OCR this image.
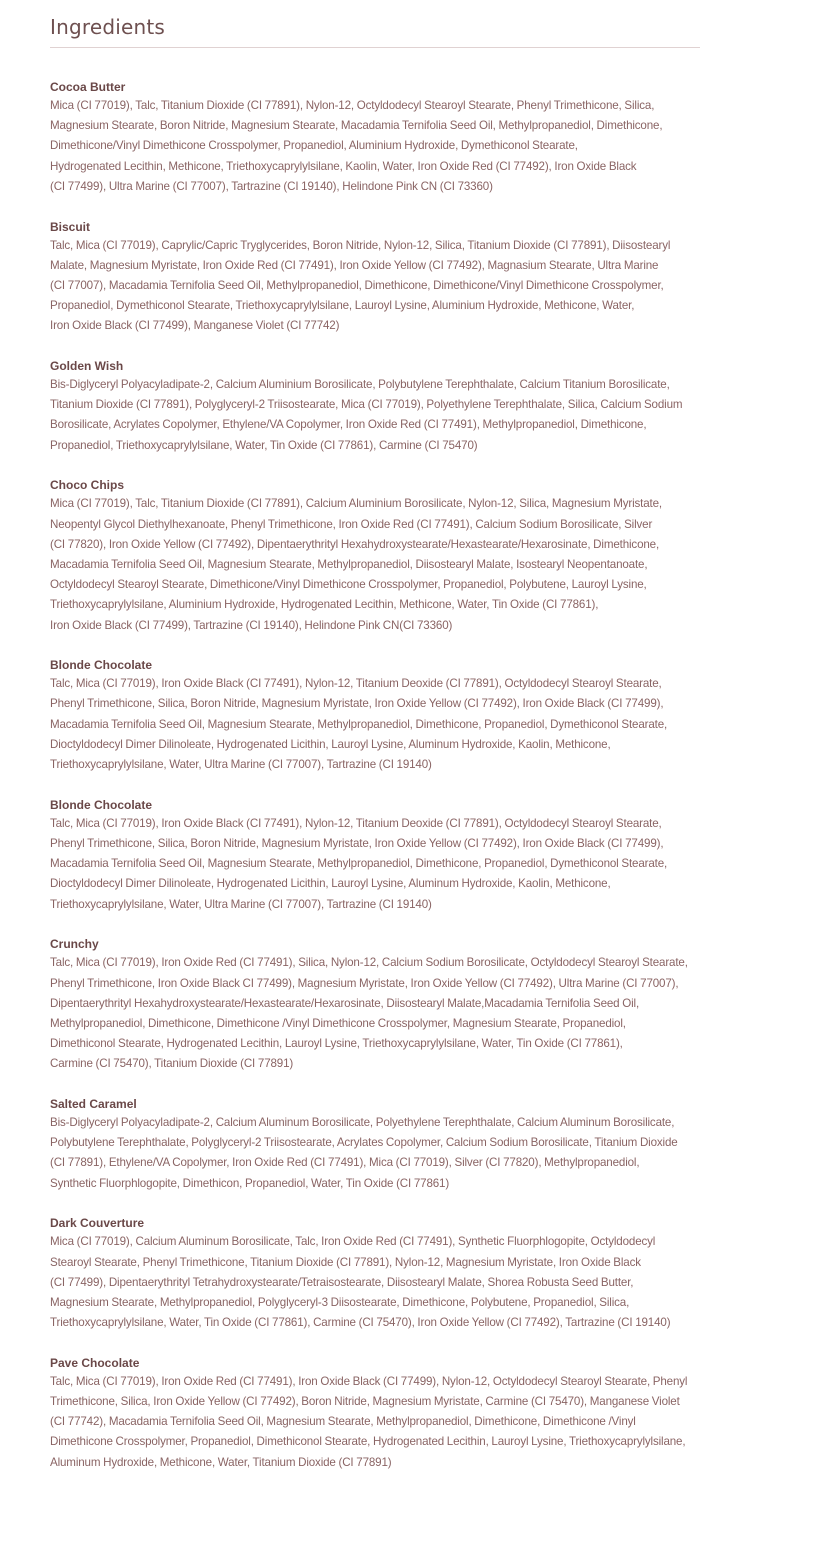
Ingredients

Cocoa Butter

Mica (CI 77019), Talc, Titanium Dioxide (CI 77891), Nylon-12, Octyldodecyl Stearoyl Stearate, Phenyl Trimethicone, Silica,
Magnesium Stearate, Boron Nitride, Magnesium Stearate, Macadamia Ternifolia Seed Oil, Methylpropanediol, Dimethicone,
Dimethicone/Vinyl Dimethicone Crosspolymer, Propanediol, Aluminium Hydroxide, Dymethiconol Stearate,
Hydrogenated Lecithin, Methicone, Triethoxycaprylylsilane, Kaolin, Water, Iron Oxide Red (CI 77492), Iron Oxide Black
(CI 77499), Ultra Marine (CI 77007), Tartrazine (CI 19140), Helindone Pink CN (CI 73360)

Biscuit

Talc, Mica (CI 77019), Caprylic/Capric Tryglycerides, Boron Nitride, Nylon-12, Silica, Titanium Dioxide (CI 77891), Diisostearyl
Malate, Magnesium Myristate, Iron Oxide Red (CI 77491), Iron Oxide Yellow (CI 77492), Magnasium Stearate, Ultra Marine
(CI 77007), Macadamia Ternifolia Seed Oil, Methylpropanediol, Dimethicone, Dimethicone/Vinyl Dimethicone Crosspolymer,
Propanediol, Dymethiconol Stearate, Triethoxycaprylylsilane, Lauroyl Lysine, Aluminium Hydroxide, Methicone, Water,
Iron Oxide Black (CI 77499), Manganese Violet (CI 77742)

Golden Wish

Bis-Diglyceryl Polyacyladipate-2, Calcium Aluminium Borosilicate, Polybutylene Terephthalate, Calcium Titanium Borosilicate,
Titanium Dioxide (CI 77891), Polyglyceryl-2 Triisostearate, Mica (CI 77019), Polyethylene Terephthalate, Silica, Calcium Sodium
Borosilicate, Acrylates Copolymer, Ethylene/VA Copolymer, Iron Oxide Red (CI 77491), Methylpropanediol, Dimethicone,
Propanediol, Triethoxycaprylylsilane, Water, Tin Oxide (CI 77861), Carmine (CI 75470)

Choco Chips

Mica (CI 77019), Talc, Titanium Dioxide (CI 77891), Calcium Aluminium Borosilicate, Nylon-12, Silica, Magnesium Myristate,
Neopentyl Glycol Diethylhexanoate, Phenyl Trimethicone, Iron Oxide Red (CI 77491), Calcium Sodium Borosilicate, Silver
(CI 77820), Iron Oxide Yellow (CI 77492), Dipentaerythrityl Hexahydroxystearate/Hexastearate/Hexarosinate, Dimethicone,
Macadamia Ternifolia Seed Oil, Magnesium Stearate, Methylpropanediol, Diisostearyl Malate, Isostearyl Neopentanoate,
Octyldodecyl Stearoyl Stearate, Dimethicone/Vinyl Dimethicone Crosspolymer, Propanediol, Polybutene, Lauroyl Lysine,
Triethoxycaprylylsilane, Aluminium Hydroxide, Hydrogenated Lecithin, Methicone, Water, Tin Oxide (CI 77861),
Iron Oxide Black (CI 77499), Tartrazine (CI 19140), Helindone Pink CN(CI 73360)

Blonde Chocolate

Talc, Mica (CI 77019), Iron Oxide Black (CI 77491), Nylon-12, Titanium Deoxide (CI 77891), Octyldodecyl Stearoyl Stearate,
Phenyl Trimethicone, Silica, Boron Nitride, Magnesium Myristate, Iron Oxide Yellow (CI 77492), Iron Oxide Black (CI 77499),
Macadamia Ternifolia Seed Oil, Magnesium Stearate, Methylpropanediol, Dimethicone, Propanediol, Dymethiconol Stearate,
Dioctyldodecyl Dimer Dilinoleate, Hydrogenated Licithin, Lauroyl Lysine, Aluminum Hydroxide, Kaolin, Methicone,
Triethoxycaprylylsilane, Water, Ultra Marine (CI 77007), Tartrazine (CI 19140)

Blonde Chocolate

Talc, Mica (CI 77019), Iron Oxide Black (CI 77491), Nylon-12, Titanium Deoxide (CI 77891), Octyldodecyl Stearoyl Stearate,
Phenyl Trimethicone, Silica, Boron Nitride, Magnesium Myristate, Iron Oxide Yellow (CI 77492), Iron Oxide Black (CI 77499),
Macadamia Ternifolia Seed Oil, Magnesium Stearate, Methylpropanediol, Dimethicone, Propanediol, Dymethiconol Stearate,
Dioctyldodecyl Dimer Dilinoleate, Hydrogenated Licithin, Lauroyl Lysine, Aluminum Hydroxide, Kaolin, Methicone,
Triethoxycaprylylsilane, Water, Ultra Marine (CI 77007), Tartrazine (CI 19140)

Crunchy

Talc, Mica (CI 77019), Iron Oxide Red (CI 77491), Silica, Nylon-12, Calcium Sodium Borosilicate, Octyldodecyl Stearoyl Stearate,
Phenyl Trimethicone, Iron Oxide Black CI 77499), Magnesium Myristate, Iron Oxide Yellow (CI 77492), Ultra Marine (CI 77007),
Dipentaerythrityl Hexahydroxystearate/Hexastearate/Hexarosinate, Diisostearyl Malate,Macadamia Ternifolia Seed Oil,
Methylpropanediol, Dimethicone, Dimethicone /Vinyl Dimethicone Crosspolymer, Magnesium Stearate, Propanediol,
Dimethiconol Stearate, Hydrogenated Lecithin, Lauroyl Lysine, Triethoxycaprylylsilane, Water, Tin Oxide (CI 77861),
Carmine (CI 75470), Titanium Dioxide (CI 77891)

Salted Caramel

Bis-Diglyceryl Polyacyladipate-2, Calcium Aluminum Borosilicate, Polyethylene Terephthalate, Calcium Aluminum Borosilicate,
Polybutylene Terephthalate, Polyglyceryl-2 Triisostearate, Acrylates Copolymer, Calcium Sodium Borosilicate, Titanium Dioxide
(CI 77891), Ethylene/VA Copolymer, Iron Oxide Red (CI 77491), Mica (CI 77019), Silver (CI 77820), Methylpropanediol,
Synthetic Fluorphlogopite, Dimethicon, Propanediol, Water, Tin Oxide (CI 77861)

Dark Couverture

Mica (CI 77019), Calcium Aluminum Borosilicate, Talc, Iron Oxide Red (CI 77491), Synthetic Fluorphlogopite, Octyldodecyl
Stearoyl Stearate, Phenyl Trimethicone, Titanium Dioxide (CI 77891), Nylon-12, Magnesium Myristate, Iron Oxide Black
(CI 77499), Dipentaerythrityl Tetrahydroxystearate/Tetraisostearate, Diisostearyl Malate, Shorea Robusta Seed Butter,
Magnesium Stearate, Methylpropanediol, Polyglyceryl-3 Diisostearate, Dimethicone, Polybutene, Propanediol, Silica,
Triethoxycaprylylsilane, Water, Tin Oxide (CI 77861), Carmine (CI 75470), Iron Oxide Yellow (CI 77492), Tartrazine (CI 19140)

Pave Chocolate

Talc, Mica (CI 77019), Iron Oxide Red (CI 77491), Iron Oxide Black (CI 77499), Nylon-12, Octyldodecyl Stearoyl Stearate, Phenyl
Trimethicone, Silica, Iron Oxide Yellow (CI 77492), Boron Nitride, Magnesium Myristate, Carmine (CI 75470), Manganese Violet
(CI 77742), Macadamia Ternifolia Seed Oil, Magnesium Stearate, Methylpropanediol, Dimethicone, Dimethicone /Vinyl
Dimethicone Crosspolymer, Propanediol, Dimethiconol Stearate, Hydrogenated Lecithin, Lauroyl Lysine, Triethoxycaprylylsilane,
Aluminum Hydroxide, Methicone, Water, Titanium Dioxide (CI 77891)
